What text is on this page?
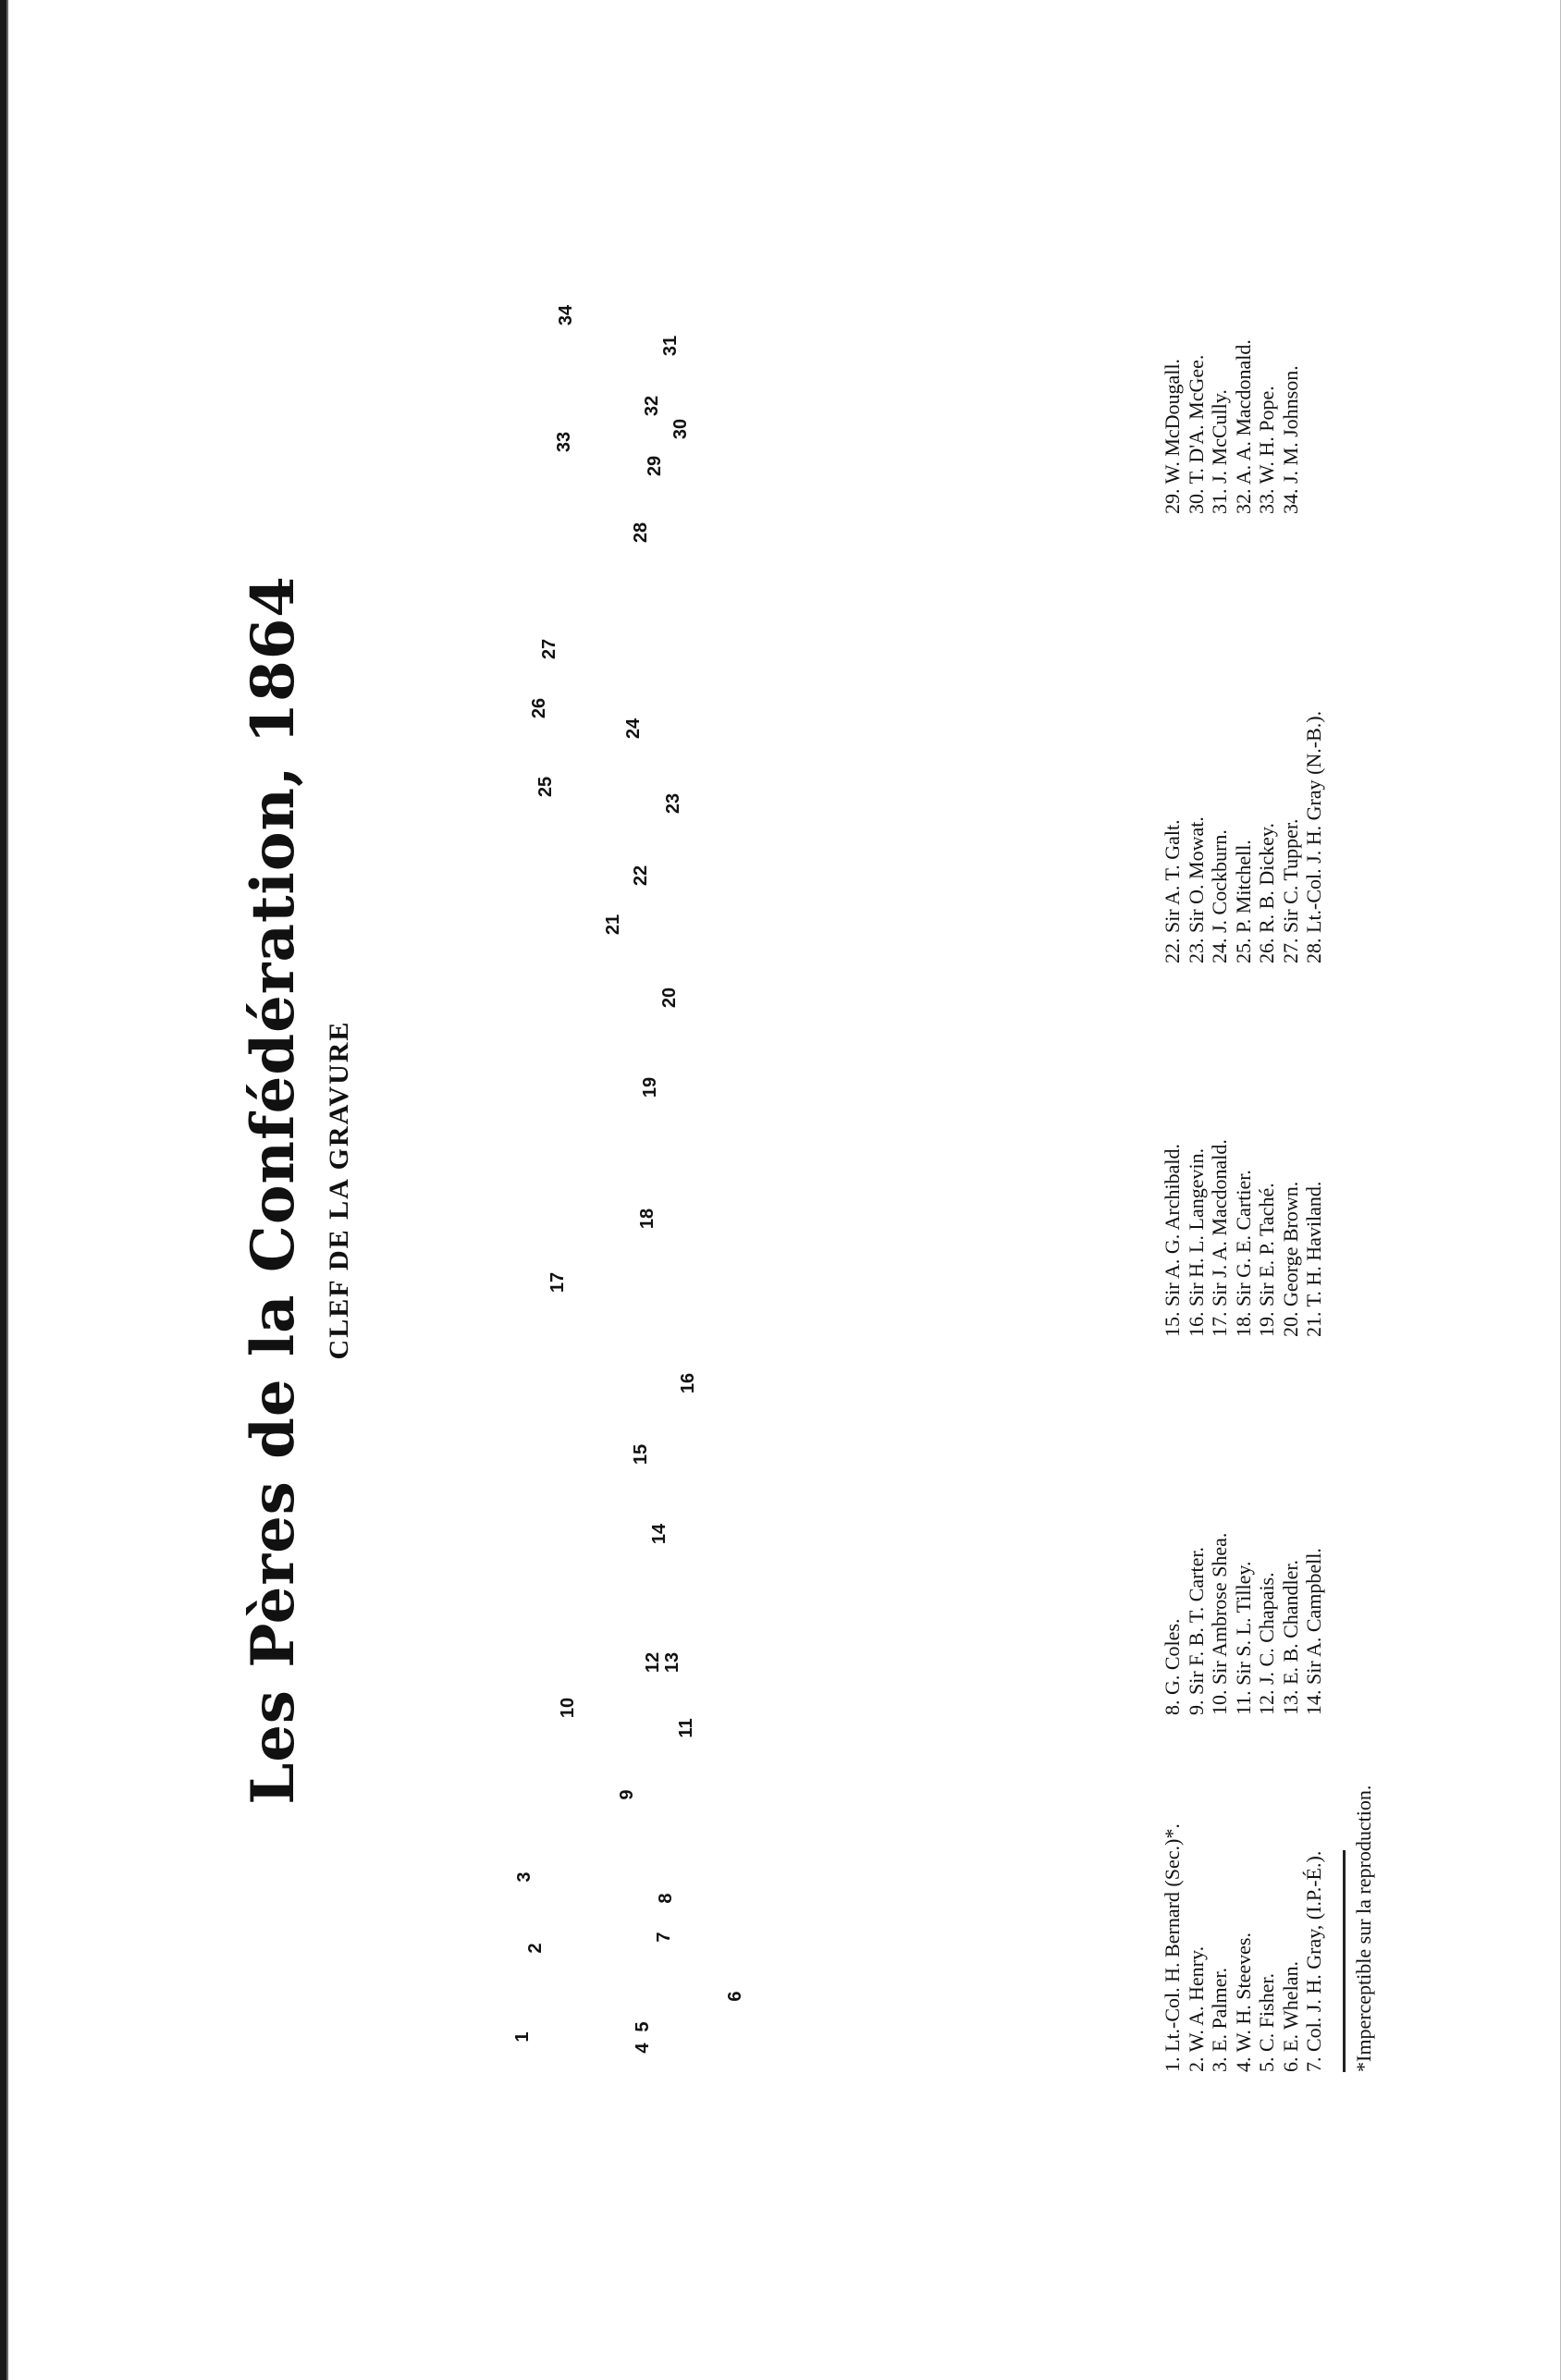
Les Pères de la Confédération, 1864 CLEF DE LA GRAVURE
1
2
3
4
5
6
7
8
9
10
11
12 13
14
15
16
17
18
19
20
21
22
23
24
25
26
27
28
29
30
31
32
33
34
1. Lt.-Col. H. Bernard (Sec.)*. 2. W. A. Henry. 3. E. Palmer. 4. W. H. Steeves. 5. C. Fisher. 6. E. Whelan. 7. Col. J. H. Gray, (I.P.-É.).
8. G. Coles. 9. Sir F. B. T. Carter. 10. Sir Ambrose Shea. 11. Sir S. L. Tilley. 12. J. C. Chapais. 13. E. B. Chandler. 14. Sir A. Campbell.
15. Sir A. G. Archibald. 16. Sir H. L. Langevin. 17. Sir J. A. Macdonald. 18. Sir G. E. Cartier. 19. Sir E. P. Taché. 20. George Brown. 21. T. H. Haviland.
22. Sir A. T. Galt. 23. Sir O. Mowat. 24. J. Cockburn. 25. P. Mitchell. 26. R. B. Dickey. 27. Sir C. Tupper. 28. Lt.-Col. J. H. Gray (N.-B.).
29. W. McDougall. 30. T. D'A. McGee. 31. J. McCully. 32. A. A. Macdonald. 33. W. H. Pope. 34. J. M. Johnson.
*Imperceptible sur la reproduction.
